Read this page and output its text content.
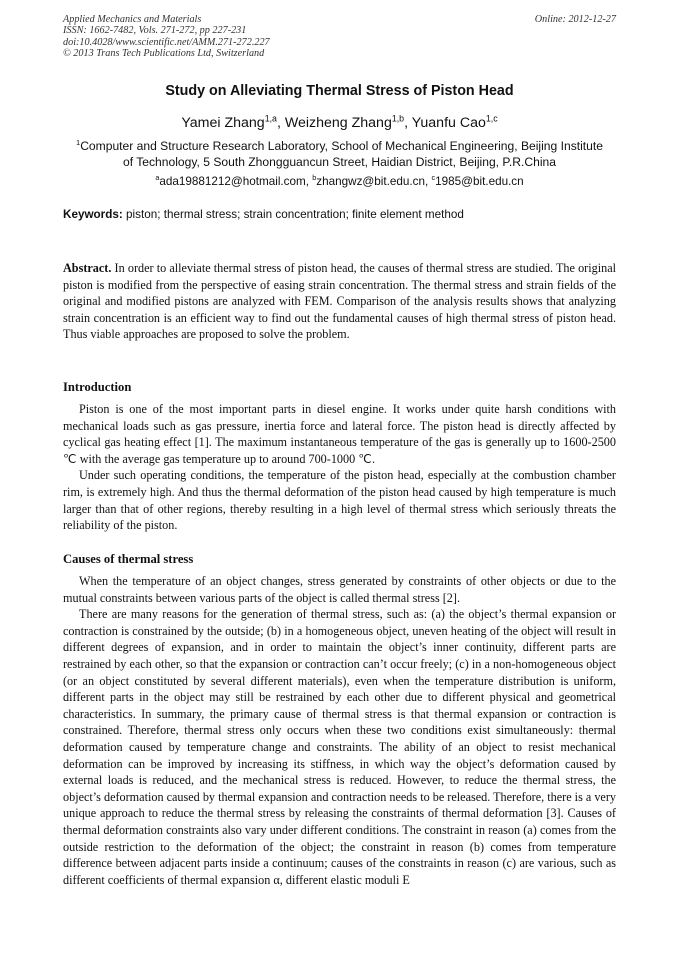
Applied Mechanics and Materials
ISSN: 1662-7482, Vols. 271-272, pp 227-231
doi:10.4028/www.scientific.net/AMM.271-272.227
© 2013 Trans Tech Publications Ltd, Switzerland
Online: 2012-12-27
Study on Alleviating Thermal Stress of Piston Head
Yamei Zhang$^{1,a}$, Weizheng Zhang$^{1,b}$, Yuanfu Cao$^{1,c}$
$^1$Computer and Structure Research Laboratory, School of Mechanical Engineering, Beijing Institute
of Technology, 5 South Zhongguancun Street, Haidian District, Beijing, P.R.China
$^a$ada19881212@hotmail.com, $^b$zhangwz@bit.edu.cn, $^c$1985@bit.edu.cn
Keywords: piston; thermal stress; strain concentration; finite element method

Abstract. In order to alleviate thermal stress of piston head, the causes of thermal stress are studied. The original piston is modified from the perspective of easing strain concentration. The thermal stress and strain fields of the original and modified pistons are analyzed with FEM. Comparison of the analysis results shows that analyzing strain concentration is an efficient way to find out the fundamental causes of high thermal stress of piston head. Thus viable approaches are proposed to solve the problem.

Introduction

Piston is one of the most important parts in diesel engine. It works under quite harsh conditions with mechanical loads such as gas pressure, inertia force and lateral force. The piston head is directly affected by cyclical gas heating effect [1]. The maximum instantaneous temperature of the gas is generally up to 1600-2500 ℃ with the average gas temperature up to around 700-1000 ℃.

Under such operating conditions, the temperature of the piston head, especially at the combustion chamber rim, is extremely high. And thus the thermal deformation of the piston head caused by high temperature is much larger than that of other regions, thereby resulting in a high level of thermal stress which seriously threats the reliability of the piston.

Causes of thermal stress

When the temperature of an object changes, stress generated by constraints of other objects or due to the mutual constraints between various parts of the object is called thermal stress [2].

There are many reasons for the generation of thermal stress, such as: (a) the object’s thermal expansion or contraction is constrained by the outside; (b) in a homogeneous object, uneven heating of the object will result in different degrees of expansion, and in order to maintain the object’s inner continuity, different parts are restrained by each other, so that the expansion or contraction can’t occur freely; (c) in a non-homogeneous object (or an object constituted by several different materials), even when the temperature distribution is uniform, different parts in the object may still be restrained by each other due to different physical and geometrical characteristics. In summary, the primary cause of thermal stress is that thermal expansion or contraction is constrained. Therefore, thermal stress only occurs when these two conditions exist simultaneously: thermal deformation caused by temperature change and constraints. The ability of an object to resist mechanical deformation can be improved by increasing its stiffness, in which way the object’s deformation caused by external loads is reduced, and the mechanical stress is reduced. However, to reduce the thermal stress, the object’s deformation caused by thermal expansion and contraction needs to be released. Therefore, there is a very unique approach to reduce the thermal stress by releasing the constraints of thermal deformation [3]. Causes of thermal deformation constraints also vary under different conditions. The constraint in reason (a) comes from the outside restriction to the deformation of the object; the constraint in reason (b) comes from temperature difference between adjacent parts inside a continuum; causes of the constraints in reason (c) are various, such as different coefficients of thermal expansion α, different elastic moduli E
